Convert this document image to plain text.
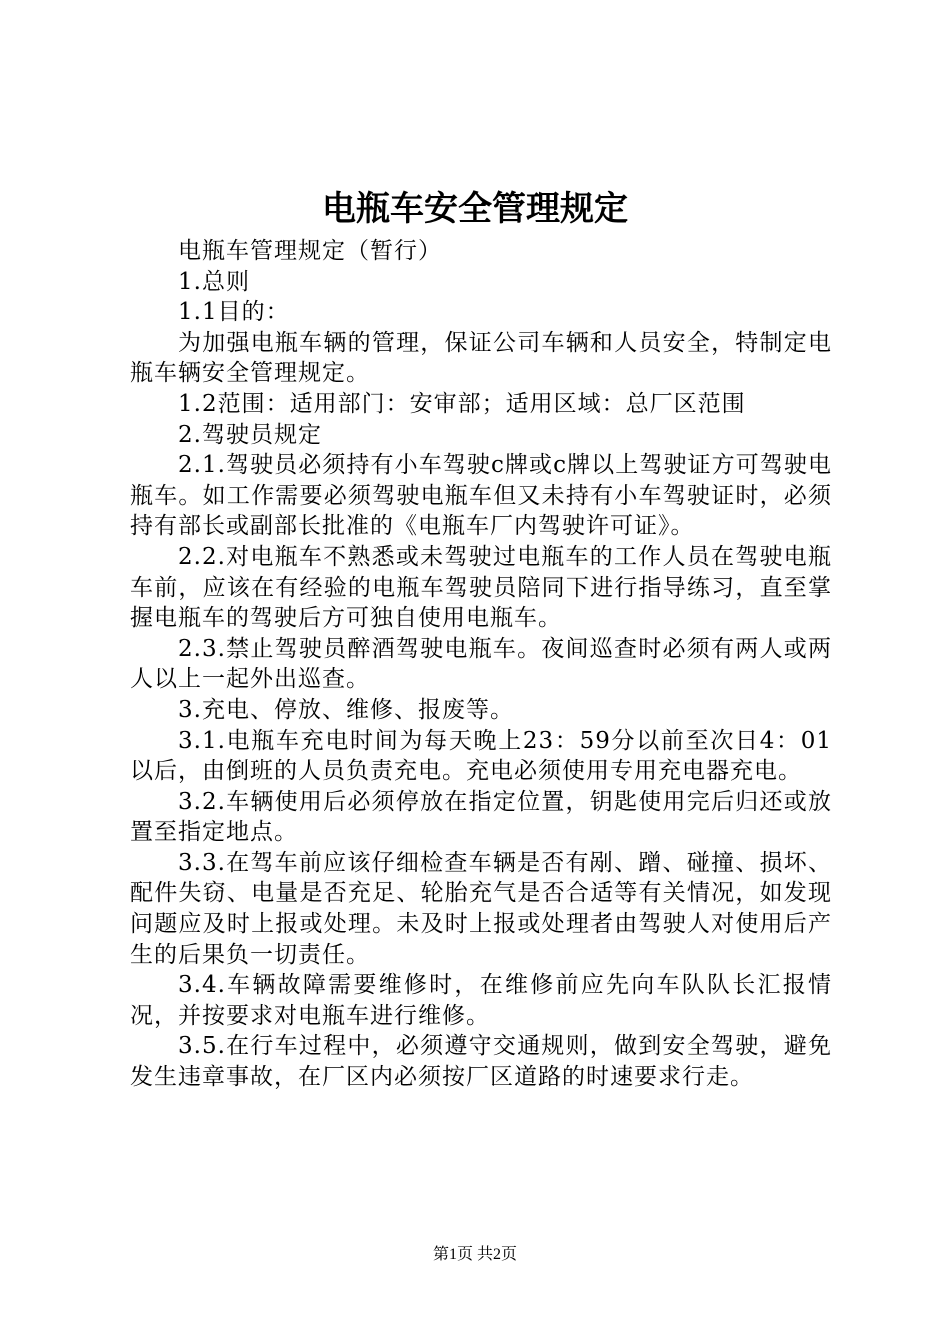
电瓶车安全管理规定

电瓶车管理规定（暂行）

1.总则

1.1目的：

为加强电瓶车辆的管理，保证公司车辆和人员安全，特制定电瓶车辆安全管理规定。

1.2范围：适用部门：安审部；适用区域：总厂区范围

2.驾驶员规定

2.1.驾驶员必须持有小车驾驶c牌或c牌以上驾驶证方可驾驶电瓶车。如工作需要必须驾驶电瓶车但又未持有小车驾驶证时，必须持有部长或副部长批准的《电瓶车厂内驾驶许可证》。

2.2.对电瓶车不熟悉或未驾驶过电瓶车的工作人员在驾驶电瓶车前，应该在有经验的电瓶车驾驶员陪同下进行指导练习，直至掌握电瓶车的驾驶后方可独自使用电瓶车。

2.3.禁止驾驶员醉酒驾驶电瓶车。夜间巡查时必须有两人或两人以上一起外出巡查。

3.充电、停放、维修、报废等。

3.1.电瓶车充电时间为每天晚上23：59分以前至次日4：01以后，由倒班的人员负责充电。充电必须使用专用充电器充电。

3.2.车辆使用后必须停放在指定位置，钥匙使用完后归还或放置至指定地点。

3.3.在驾车前应该仔细检查车辆是否有剐、蹭、碰撞、损坏、配件失窃、电量是否充足、轮胎充气是否合适等有关情况，如发现问题应及时上报或处理。未及时上报或处理者由驾驶人对使用后产生的后果负一切责任。

3.4.车辆故障需要维修时，在维修前应先向车队队长汇报情况，并按要求对电瓶车进行维修。

3.5.在行车过程中，必须遵守交通规则，做到安全驾驶，避免发生违章事故，在厂区内必须按厂区道路的时速要求行走。

第1页 共2页
